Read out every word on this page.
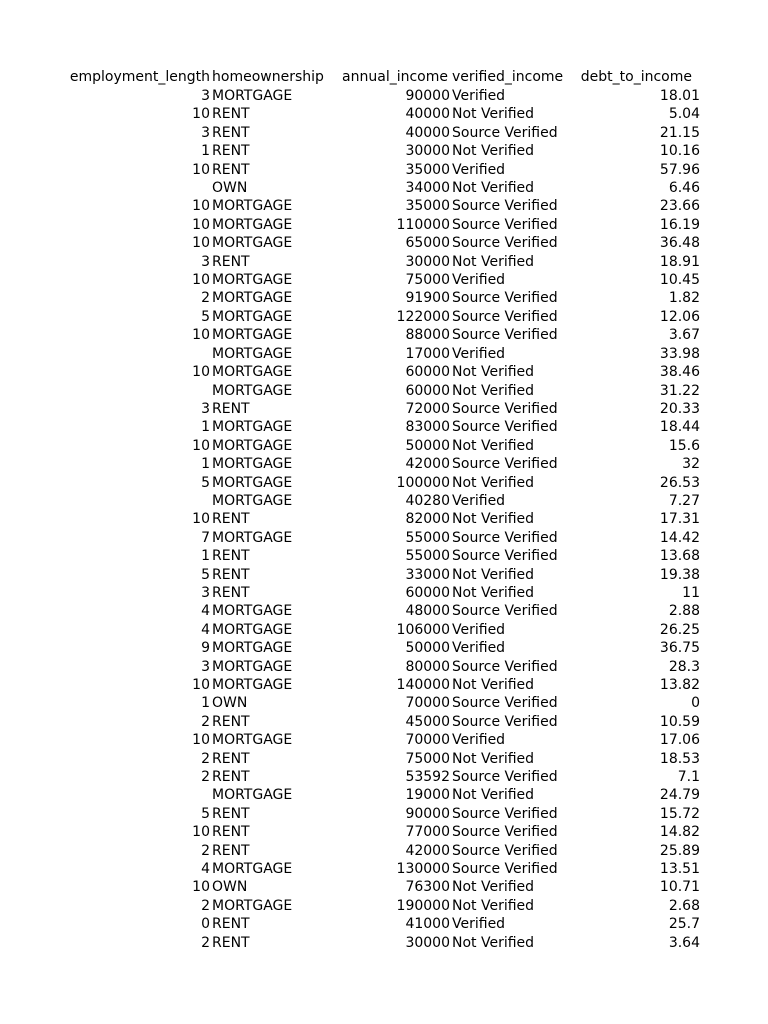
employment_length	homeownership	annual_income	verified_income	debt_to_income
3	MORTGAGE	90000	Verified	18.01
10	RENT	40000	Not Verified	5.04
3	RENT	40000	Source Verified	21.15
1	RENT	30000	Not Verified	10.16
10	RENT	35000	Verified	57.96
	OWN	34000	Not Verified	6.46
10	MORTGAGE	35000	Source Verified	23.66
10	MORTGAGE	110000	Source Verified	16.19
10	MORTGAGE	65000	Source Verified	36.48
3	RENT	30000	Not Verified	18.91
10	MORTGAGE	75000	Verified	10.45
2	MORTGAGE	91900	Source Verified	1.82
5	MORTGAGE	122000	Source Verified	12.06
10	MORTGAGE	88000	Source Verified	3.67
	MORTGAGE	17000	Verified	33.98
10	MORTGAGE	60000	Not Verified	38.46
	MORTGAGE	60000	Not Verified	31.22
3	RENT	72000	Source Verified	20.33
1	MORTGAGE	83000	Source Verified	18.44
10	MORTGAGE	50000	Not Verified	15.6
1	MORTGAGE	42000	Source Verified	32
5	MORTGAGE	100000	Not Verified	26.53
	MORTGAGE	40280	Verified	7.27
10	RENT	82000	Not Verified	17.31
7	MORTGAGE	55000	Source Verified	14.42
1	RENT	55000	Source Verified	13.68
5	RENT	33000	Not Verified	19.38
3	RENT	60000	Not Verified	11
4	MORTGAGE	48000	Source Verified	2.88
4	MORTGAGE	106000	Verified	26.25
9	MORTGAGE	50000	Verified	36.75
3	MORTGAGE	80000	Source Verified	28.3
10	MORTGAGE	140000	Not Verified	13.82
1	OWN	70000	Source Verified	0
2	RENT	45000	Source Verified	10.59
10	MORTGAGE	70000	Verified	17.06
2	RENT	75000	Not Verified	18.53
2	RENT	53592	Source Verified	7.1
	MORTGAGE	19000	Not Verified	24.79
5	RENT	90000	Source Verified	15.72
10	RENT	77000	Source Verified	14.82
2	RENT	42000	Source Verified	25.89
4	MORTGAGE	130000	Source Verified	13.51
10	OWN	76300	Not Verified	10.71
2	MORTGAGE	190000	Not Verified	2.68
0	RENT	41000	Verified	25.7
2	RENT	30000	Not Verified	3.64
